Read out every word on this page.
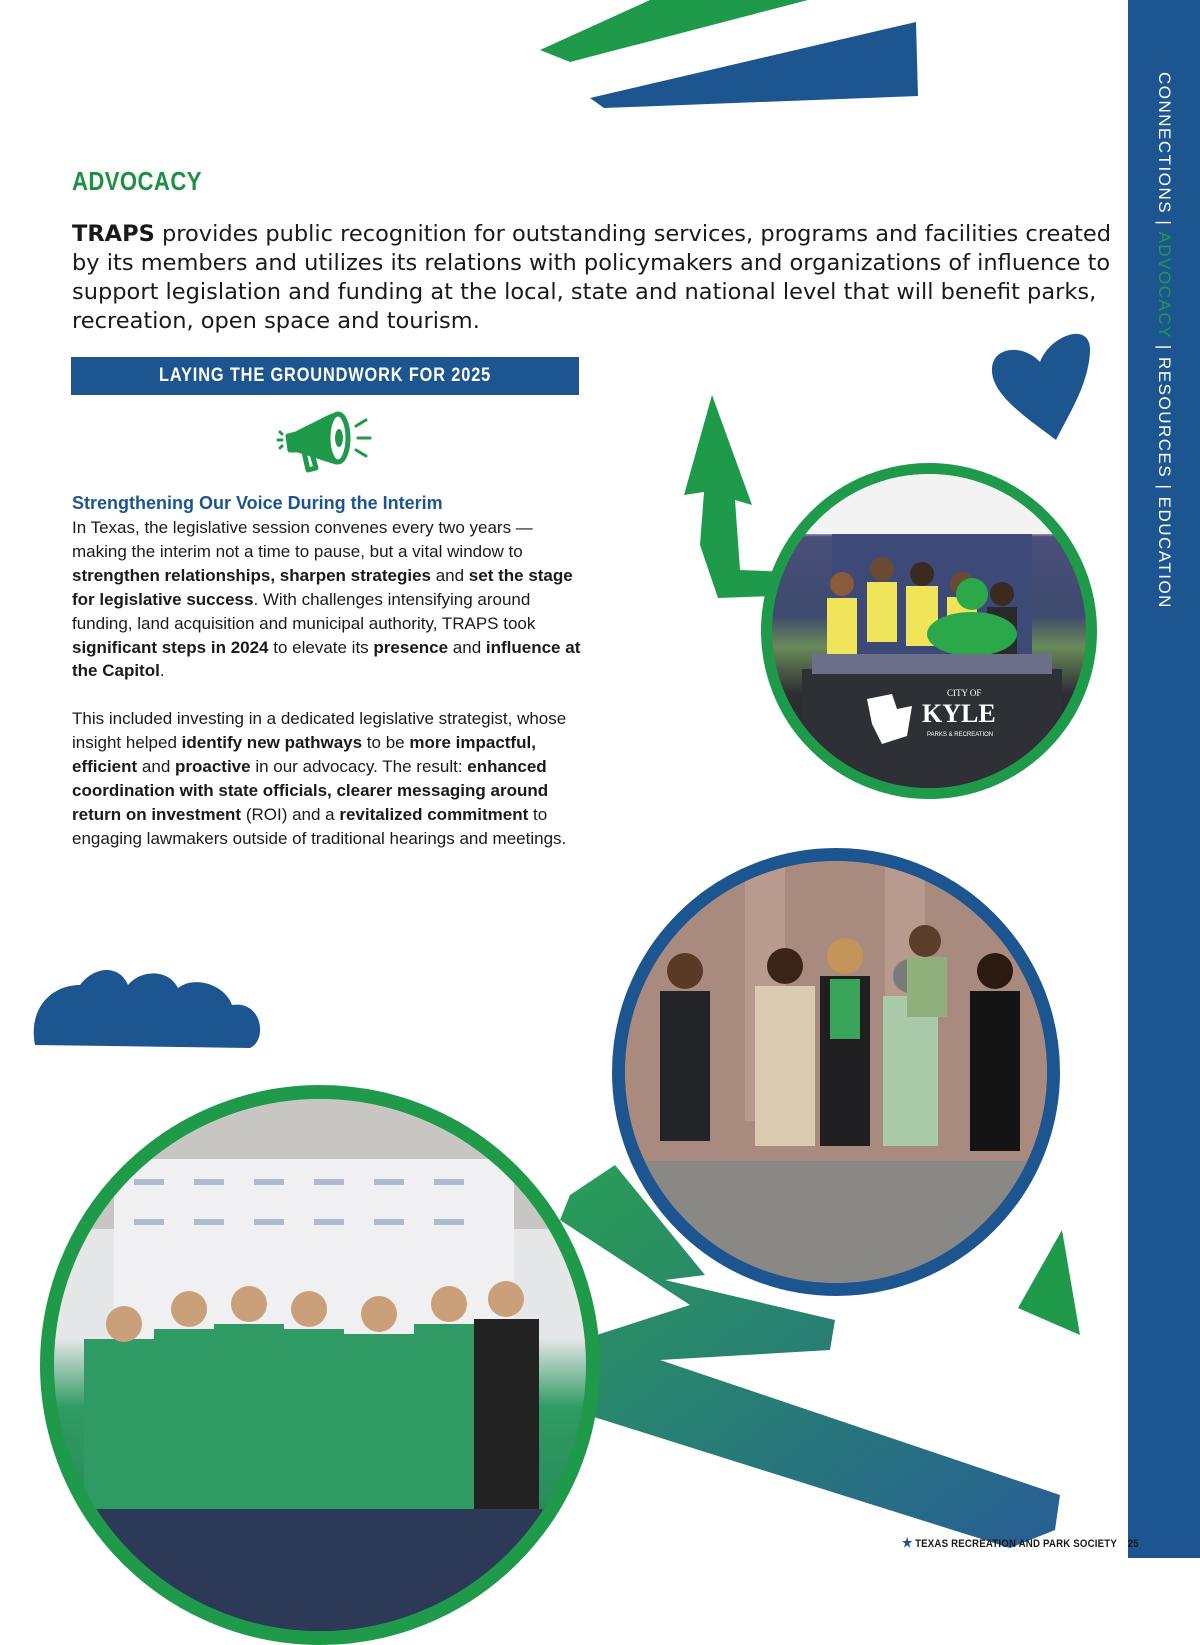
CONNECTIONS | ADVOCACY | RESOURCES | EDUCATION
ADVOCACY
TRAPS provides public recognition for outstanding services, programs and facilities created by its members and utilizes its relations with policymakers and organizations of influence to support legislation and funding at the local, state and national level that will benefit parks, recreation, open space and tourism.
LAYING THE GROUNDWORK FOR 2025
Strengthening Our Voice During the Interim
In Texas, the legislative session convenes every two years — making the interim not a time to pause, but a vital window to strengthen relationships, sharpen strategies and set the stage for legislative success. With challenges intensifying around funding, land acquisition and municipal authority, TRAPS took significant steps in 2024 to elevate its presence and influence at the Capitol.
This included investing in a dedicated legislative strategist, whose insight helped identify new pathways to be more impactful, efficient and proactive in our advocacy. The result: enhanced coordination with state officials, clearer messaging around return on investment (ROI) and a revitalized commitment to engaging lawmakers outside of traditional hearings and meetings.
CITY OF
KYLE
PARKS & RECREATION
★ TEXAS RECREATION AND PARK SOCIETY 25
